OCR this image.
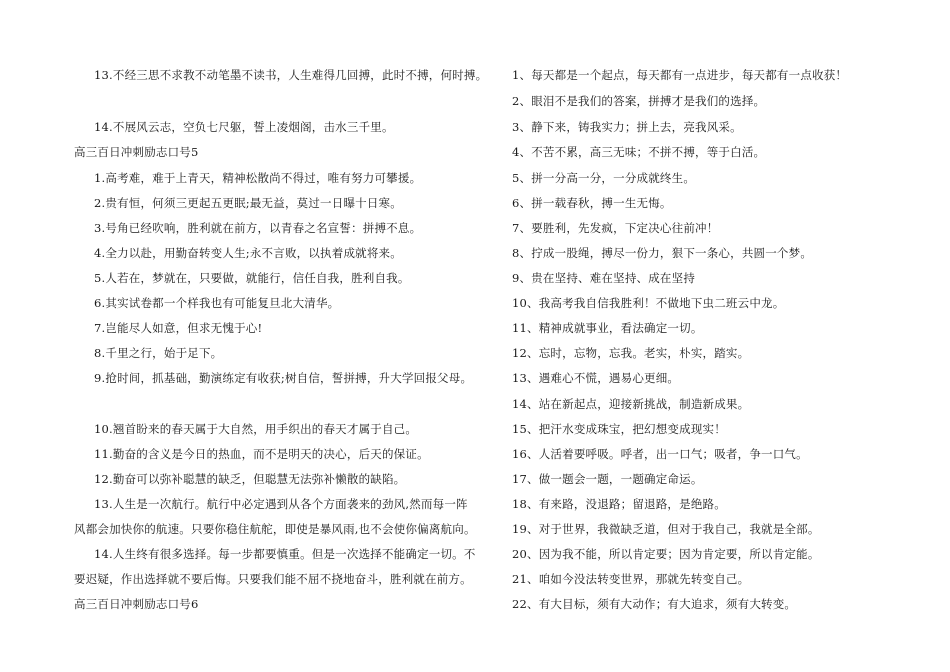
13.不经三思不求教不动笔墨不读书，人生难得几回搏，此时不搏，何时搏。
14.不展风云志，空负七尺躯，誓上凌烟阁，击水三千里。
高三百日冲刺励志口号5
1.高考难，难于上青天，精神松散尚不得过，唯有努力可攀援。
2.贵有恒，何须三更起五更眠;最无益，莫过一日曝十日寒。
3.号角已经吹响，胜利就在前方，以青春之名宣誓：拼搏不息。
4.全力以赴，用勤奋转变人生;永不言败，以执着成就将来。
5.人若在，梦就在，只要做，就能行，信任自我，胜利自我。
6.其实试卷都一个样我也有可能复旦北大清华。
7.岂能尽人如意，但求无愧于心!
8.千里之行，始于足下。
9.抢时间，抓基础，勤演练定有收获;树自信，誓拼搏，升大学回报父母。
10.翘首盼来的春天属于大自然，用手织出的春天才属于自己。
11.勤奋的含义是今日的热血，而不是明天的决心，后天的保证。
12.勤奋可以弥补聪慧的缺乏，但聪慧无法弥补懒散的缺陷。
13.人生是一次航行。航行中必定遇到从各个方面袭来的劲风,然而每一阵
风都会加快你的航速。只要你稳住航舵，即使是暴风雨,也不会使你偏离航向。
14.人生终有很多选择。每一步都要慎重。但是一次选择不能确定一切。不
要迟疑，作出选择就不要后悔。只要我们能不屈不挠地奋斗，胜利就在前方。
高三百日冲刺励志口号6
1、每天都是一个起点，每天都有一点进步，每天都有一点收获！
2、眼泪不是我们的答案，拼搏才是我们的选择。
3、静下来，铸我实力；拼上去，亮我风采。
4、不苦不累，高三无味；不拼不搏，等于白活。
5、拼一分高一分，一分成就终生。
6、拼一载春秋，搏一生无悔。
7、要胜利，先发疯，下定决心往前冲！
8、拧成一股绳，搏尽一份力，狠下一条心，共圆一个梦。
9、贵在坚持、难在坚持、成在坚持
10、我高考我自信我胜利！不做地下虫二班云中龙。
11、精神成就事业，看法确定一切。
12、忘时，忘物，忘我。老实，朴实，踏实。
13、遇难心不慌，遇易心更细。
14、站在新起点，迎接新挑战，制造新成果。
15、把汗水变成珠宝，把幻想变成现实！
16、人活着要呼吸。呼者，出一口气；吸者，争一口气。
17、做一题会一题，一题确定命运。
18、有来路，没退路；留退路，是绝路。
19、对于世界，我微缺乏道，但对于我自己，我就是全部。
20、因为我不能，所以肯定要；因为肯定要，所以肯定能。
21、咱如今没法转变世界，那就先转变自己。
22、有大目标，须有大动作；有大追求，须有大转变。
